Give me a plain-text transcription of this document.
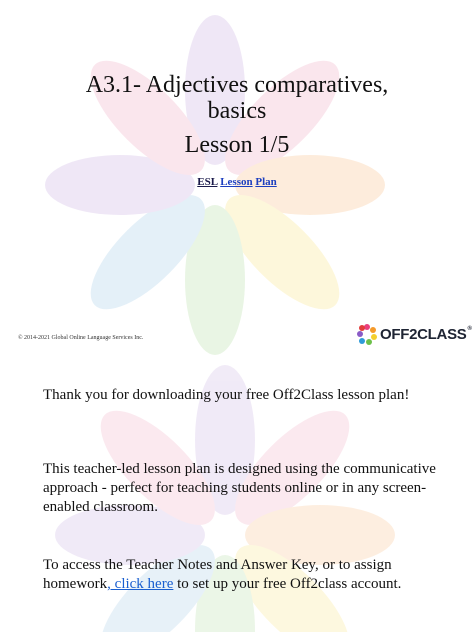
A3.1- Adjectives comparatives,
basics
Lesson 1/5
ESL Lesson Plan
© 2014-2021 Global Online Language Services Inc.	OFF2CLASS®
Thank you for downloading your free Off2Class lesson plan!
This teacher-led lesson plan is designed using the communicative approach - perfect for teaching students online or in any screen-enabled classroom.
To access the Teacher Notes and Answer Key, or to assign homework, click here to set up your free Off2class account.
